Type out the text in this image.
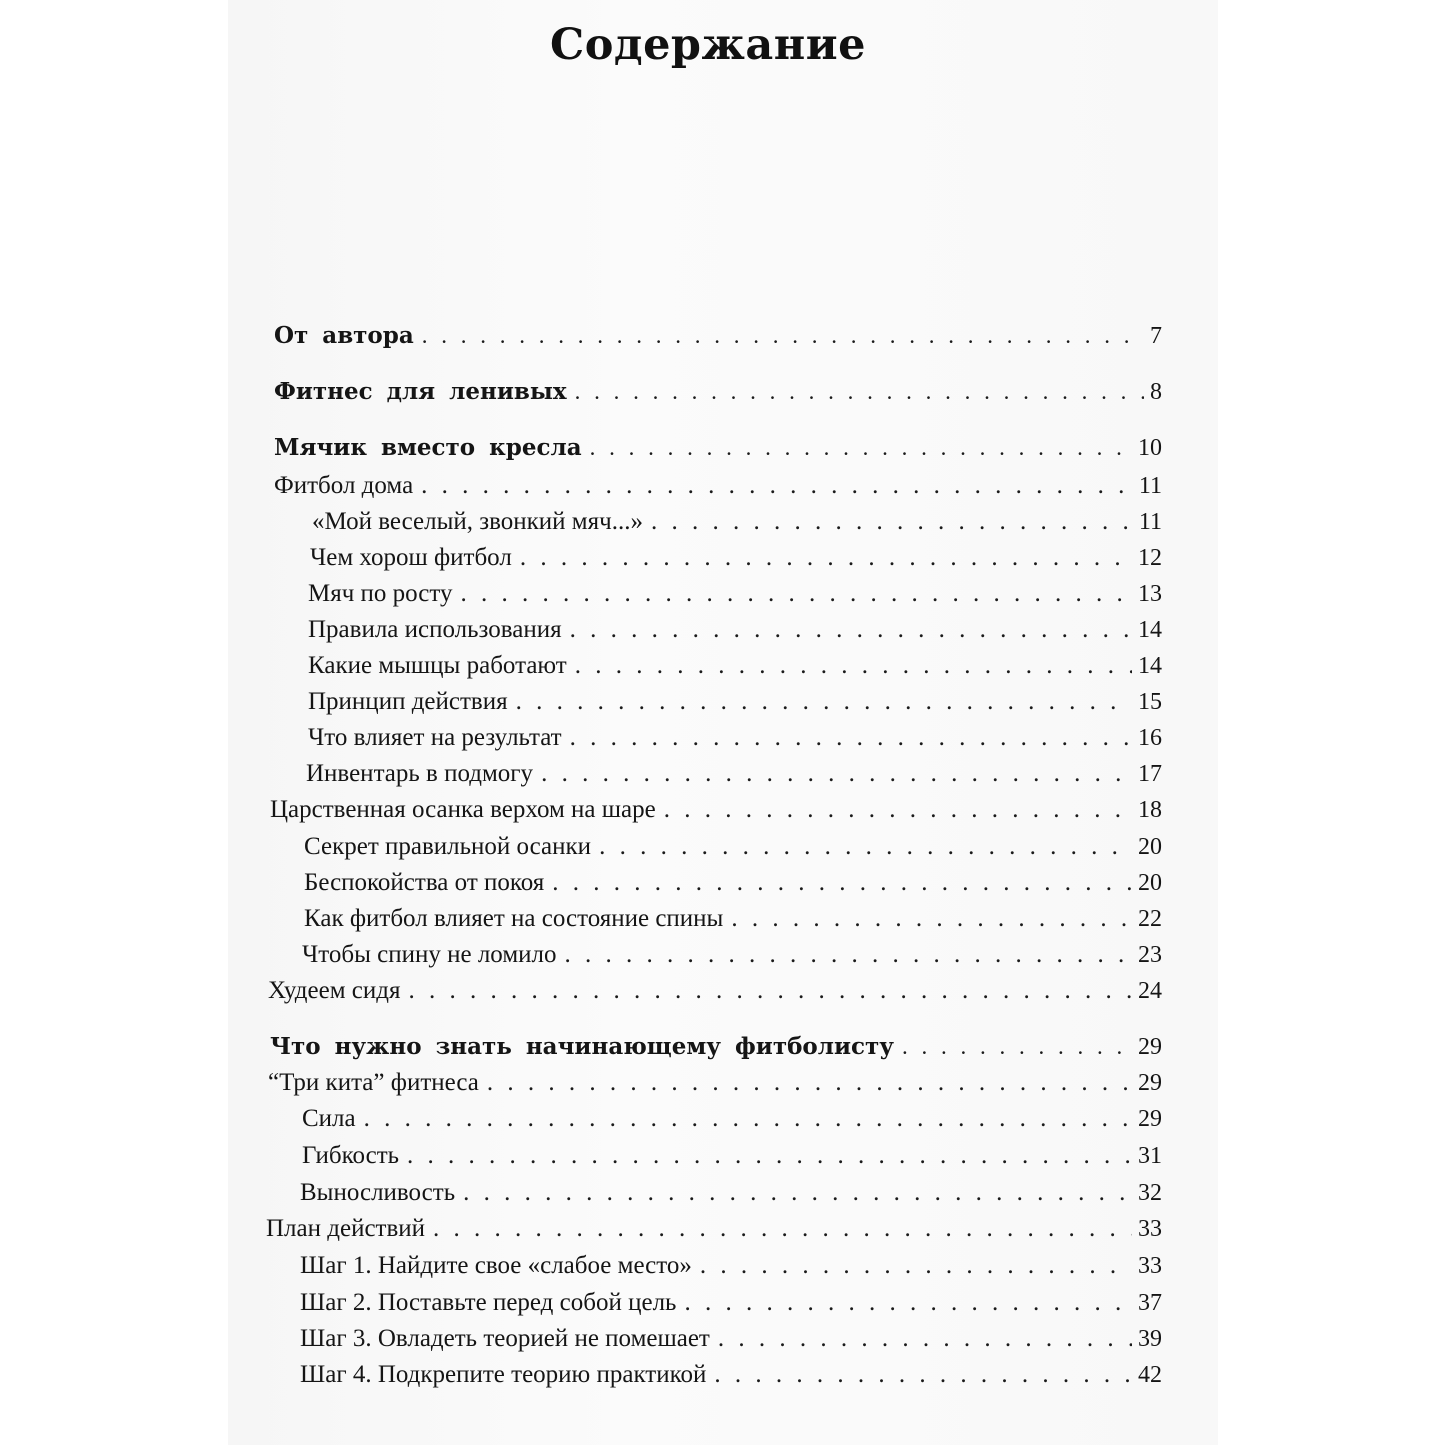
Содержание
От автора . . .	7
Фитнес для ленивых . . .	8
Мячик вместо кресла . . .	10
Фитбол дома . . .	11
«Мой веселый, звонкий мяч...» . . .	11
Чем хорош фитбол . . .	12
Мяч по росту . . .	13
Правила использования . . .	14
Какие мышцы работают . . .	14
Принцип действия . . .	15
Что влияет на результат . . .	16
Инвентарь в подмогу . . .	17
Царственная осанка верхом на шаре . . .	18
Секрет правильной осанки . . .	20
Беспокойства от покоя . . .	20
Как фитбол влияет на состояние спины . . .	22
Чтобы спину не ломило . . .	23
Худеем сидя . . .	24
Что нужно знать начинающему фитболисту . . .	29
“Три кита” фитнеса . . .	29
Сила . . .	29
Гибкость . . .	31
Выносливость . . .	32
План действий . . .	33
Шаг 1. Найдите свое «слабое место» . . .	33
Шаг 2. Поставьте перед собой цель . . .	37
Шаг 3. Овладеть теорией не помешает . . .	39
Шаг 4. Подкрепите теорию практикой . . .	42
